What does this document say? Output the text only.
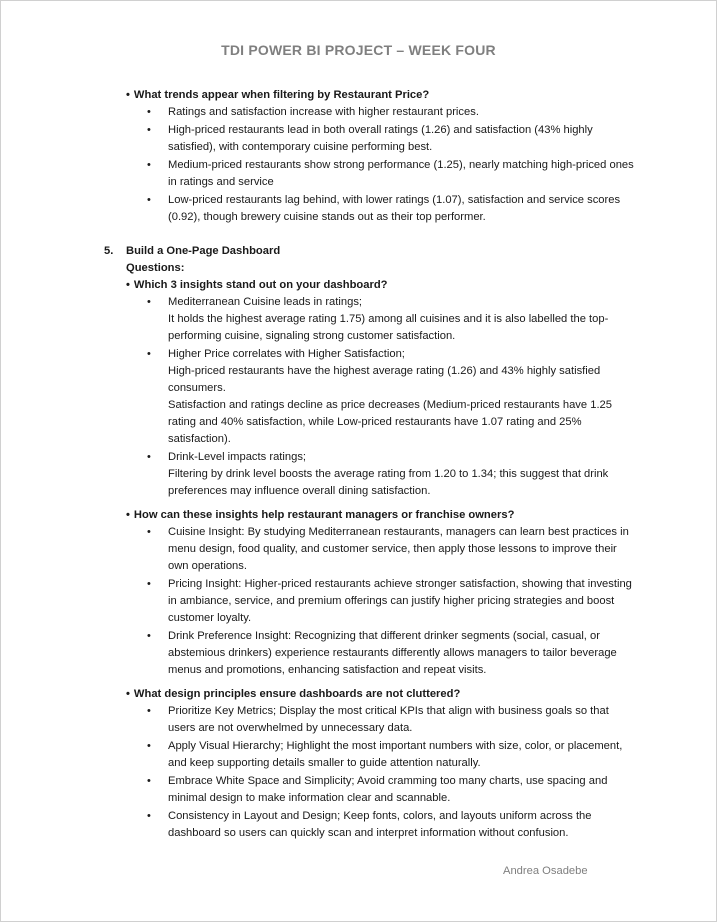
TDI POWER BI PROJECT – WEEK FOUR
• What trends appear when filtering by Restaurant Price?
• Ratings and satisfaction increase with higher restaurant prices.
• High-priced restaurants lead in both overall ratings (1.26) and satisfaction (43% highly satisfied), with contemporary cuisine performing best.
• Medium-priced restaurants show strong performance (1.25), nearly matching high-priced ones in ratings and service
• Low-priced restaurants lag behind, with lower ratings (1.07), satisfaction and service scores (0.92), though brewery cuisine stands out as their top performer.
5. Build a One-Page Dashboard
Questions:
• Which 3 insights stand out on your dashboard?
• Mediterranean Cuisine leads in ratings;
It holds the highest average rating 1.75) among all cuisines and it is also labelled the top-performing cuisine, signaling strong customer satisfaction.
• Higher Price correlates with Higher Satisfaction;
High-priced restaurants have the highest average rating (1.26) and 43% highly satisfied consumers.
Satisfaction and ratings decline as price decreases (Medium-priced restaurants have 1.25 rating and 40% satisfaction, while Low-priced restaurants have 1.07 rating and 25% satisfaction).
• Drink-Level impacts ratings;
Filtering by drink level boosts the average rating from 1.20 to 1.34; this suggest that drink preferences may influence overall dining satisfaction.
• How can these insights help restaurant managers or franchise owners?
• Cuisine Insight: By studying Mediterranean restaurants, managers can learn best practices in menu design, food quality, and customer service, then apply those lessons to improve their own operations.
• Pricing Insight: Higher-priced restaurants achieve stronger satisfaction, showing that investing in ambiance, service, and premium offerings can justify higher pricing strategies and boost customer loyalty.
• Drink Preference Insight: Recognizing that different drinker segments (social, casual, or abstemious drinkers) experience restaurants differently allows managers to tailor beverage menus and promotions, enhancing satisfaction and repeat visits.
• What design principles ensure dashboards are not cluttered?
• Prioritize Key Metrics; Display the most critical KPIs that align with business goals so that users are not overwhelmed by unnecessary data.
• Apply Visual Hierarchy; Highlight the most important numbers with size, color, or placement, and keep supporting details smaller to guide attention naturally.
• Embrace White Space and Simplicity; Avoid cramming too many charts, use spacing and minimal design to make information clear and scannable.
• Consistency in Layout and Design; Keep fonts, colors, and layouts uniform across the dashboard so users can quickly scan and interpret information without confusion.
Andrea Osadebe
